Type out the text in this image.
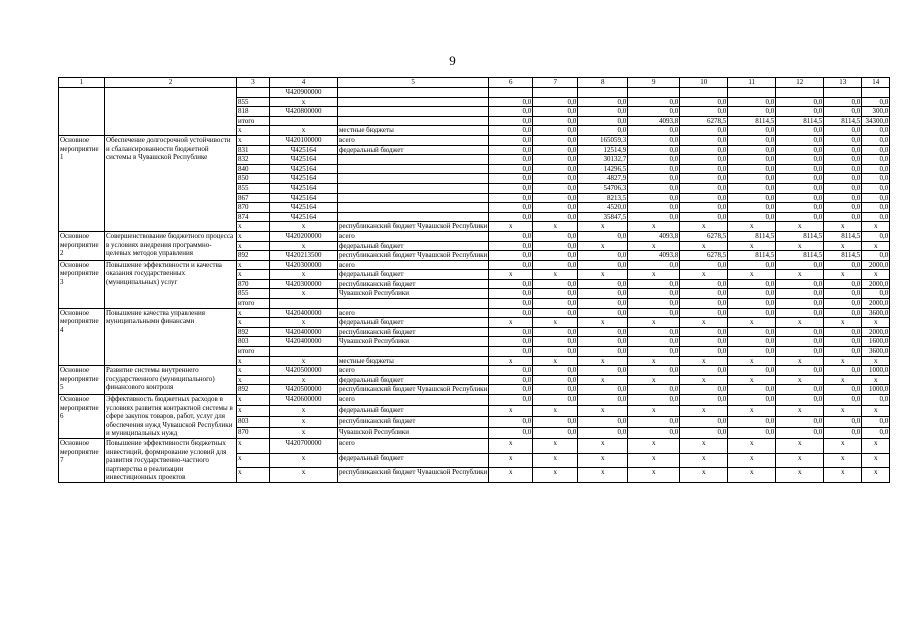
9
1	2	3	4	5	6	7	8	9	10	11	12	13	14
			Ч420900000										
		855	x		0,0	0,0	0,0	0,0	0,0	0,0	0,0	0,0	0,0
		818	Ч420800000		0,0	0,0	0,0	0,0	0,0	0,0	0,0	0,0	300,0
		итого			0,0	0,0	0,0	4093,8	6278,5	8114,5	8114,5	8114,5	34300,0
		x	x	местные бюджеты	0,0	0,0	0,0	0,0	0,0	0,0	0,0	0,0	0,0
Основное мероприятие 1	Обеспечение долгосрочной устойчивости и сбалансированности бюджетной системы в Чувашской Республике	x	Ч420100000	всего	0,0	0,0	165059,3	0,0	0,0	0,0	0,0	0,0	0,0
		831	Ч425164	федеральный бюджет	0,0	0,0	12514,9	0,0	0,0	0,0	0,0	0,0	0,0
		832	Ч425164		0,0	0,0	30132,7	0,0	0,0	0,0	0,0	0,0	0,0
		840	Ч425164		0,0	0,0	14296,5	0,0	0,0	0,0	0,0	0,0	0,0
		850	Ч425164		0,0	0,0	4827,9	0,0	0,0	0,0	0,0	0,0	0,0
		855	Ч425164		0,0	0,0	54706,3	0,0	0,0	0,0	0,0	0,0	0,0
		867	Ч425164		0,0	0,0	8213,5	0,0	0,0	0,0	0,0	0,0	0,0
		870	Ч425164		0,0	0,0	4520,0	0,0	0,0	0,0	0,0	0,0	0,0
		874	Ч425164		0,0	0,0	35847,5	0,0	0,0	0,0	0,0	0,0	0,0
		x	x	республиканский бюджет Чувашской Республики	x	x	x	x	x	x	x	x	x
Основное мероприятие 2	Совершенствование бюджетного процесса в условиях внедрения программно-целевых методов управления	x	Ч420200000	всего	0,0	0,0	0,0	4093,8	6278,5	8114,5	8114,5	8114,5	0,0
		x	x	федеральный бюджет	0,0	0,0	x	x	x	x	x	x	x
		892	Ч420213500	республиканский бюджет Чувашской Республики	0,0	0,0	0,0	4093,8	6278,5	8114,5	8114,5	8114,5	0,0
Основное мероприятие 3	Повышение эффективности и качества оказания государственных (муниципальных) услуг	x	Ч420300000	всего	0,0	0,0	0,0	0,0	0,0	0,0	0,0	0,0	2000,0
		x	x	федеральный бюджет	x	x	x	x	x	x	x	x	x
		870	Ч420300000	республиканский бюджет	0,0	0,0	0,0	0,0	0,0	0,0	0,0	0,0	2000,0
		855	x	Чувашской Республики	0,0	0,0	0,0	0,0	0,0	0,0	0,0	0,0	0,0
		итого			0,0	0,0	0,0	0,0	0,0	0,0	0,0	0,0	2000,0
Основное мероприятие 4	Повышение качества управления муниципальными финансами	x	Ч420400000	всего	0,0	0,0	0,0	0,0	0,0	0,0	0,0	0,0	3600,0
		x	x	федеральный бюджет	x	x	x	x	x	x	x	x	x
		892	Ч420400000	республиканский бюджет	0,0	0,0	0,0	0,0	0,0	0,0	0,0	0,0	2000,0
		803	Ч420400000	Чувашской Республики	0,0	0,0	0,0	0,0	0,0	0,0	0,0	0,0	1600,0
		итого			0,0	0,0	0,0	0,0	0,0	0,0	0,0	0,0	3600,0
		x	x	местные бюджеты	x	x	x	x	x	x	x	x	x
Основное мероприятие 5	Развитие системы внутреннего государственного (муниципального) финансового контроля	x	Ч420500000	всего	0,0	0,0	0,0	0,0	0,0	0,0	0,0	0,0	1000,0
		x	x	федеральный бюджет	0,0	0,0	x	x	x	x	x	x	x
		892	Ч420500000	республиканский бюджет Чувашской Республики	0,0	0,0	0,0	0,0	0,0	0,0	0,0	0,0	1000,0
Основное мероприятие 6	Эффективность бюджетных расходов в условиях развития контрактной системы в сфере закупок товаров, работ, услуг для обеспечения нужд Чувашской Республики и муниципальных нужд	x	Ч420600000	всего	0,0	0,0	0,0	0,0	0,0	0,0	0,0	0,0	0,0
		x	x	федеральный бюджет	x	x	x	x	x	x	x	x	x
		803	x	республиканский бюджет	0,0	0,0	0,0	0,0	0,0	0,0	0,0	0,0	0,0
		870	x	Чувашской Республики	0,0	0,0	0,0	0,0	0,0	0,0	0,0	0,0	0,0
Основное мероприятие 7	Повышение эффективности бюджетных инвестиций, формирование условий для развития государственно-частного партнерства в реализации инвестиционных проектов	x	Ч420700000	всего	x	x	x	x	x	x	x	x	x
		x	x	федеральный бюджет	x	x	x	x	x	x	x	x	x
		x	x	республиканский бюджет Чувашской Республики	x	x	x	x	x	x	x	x	x
